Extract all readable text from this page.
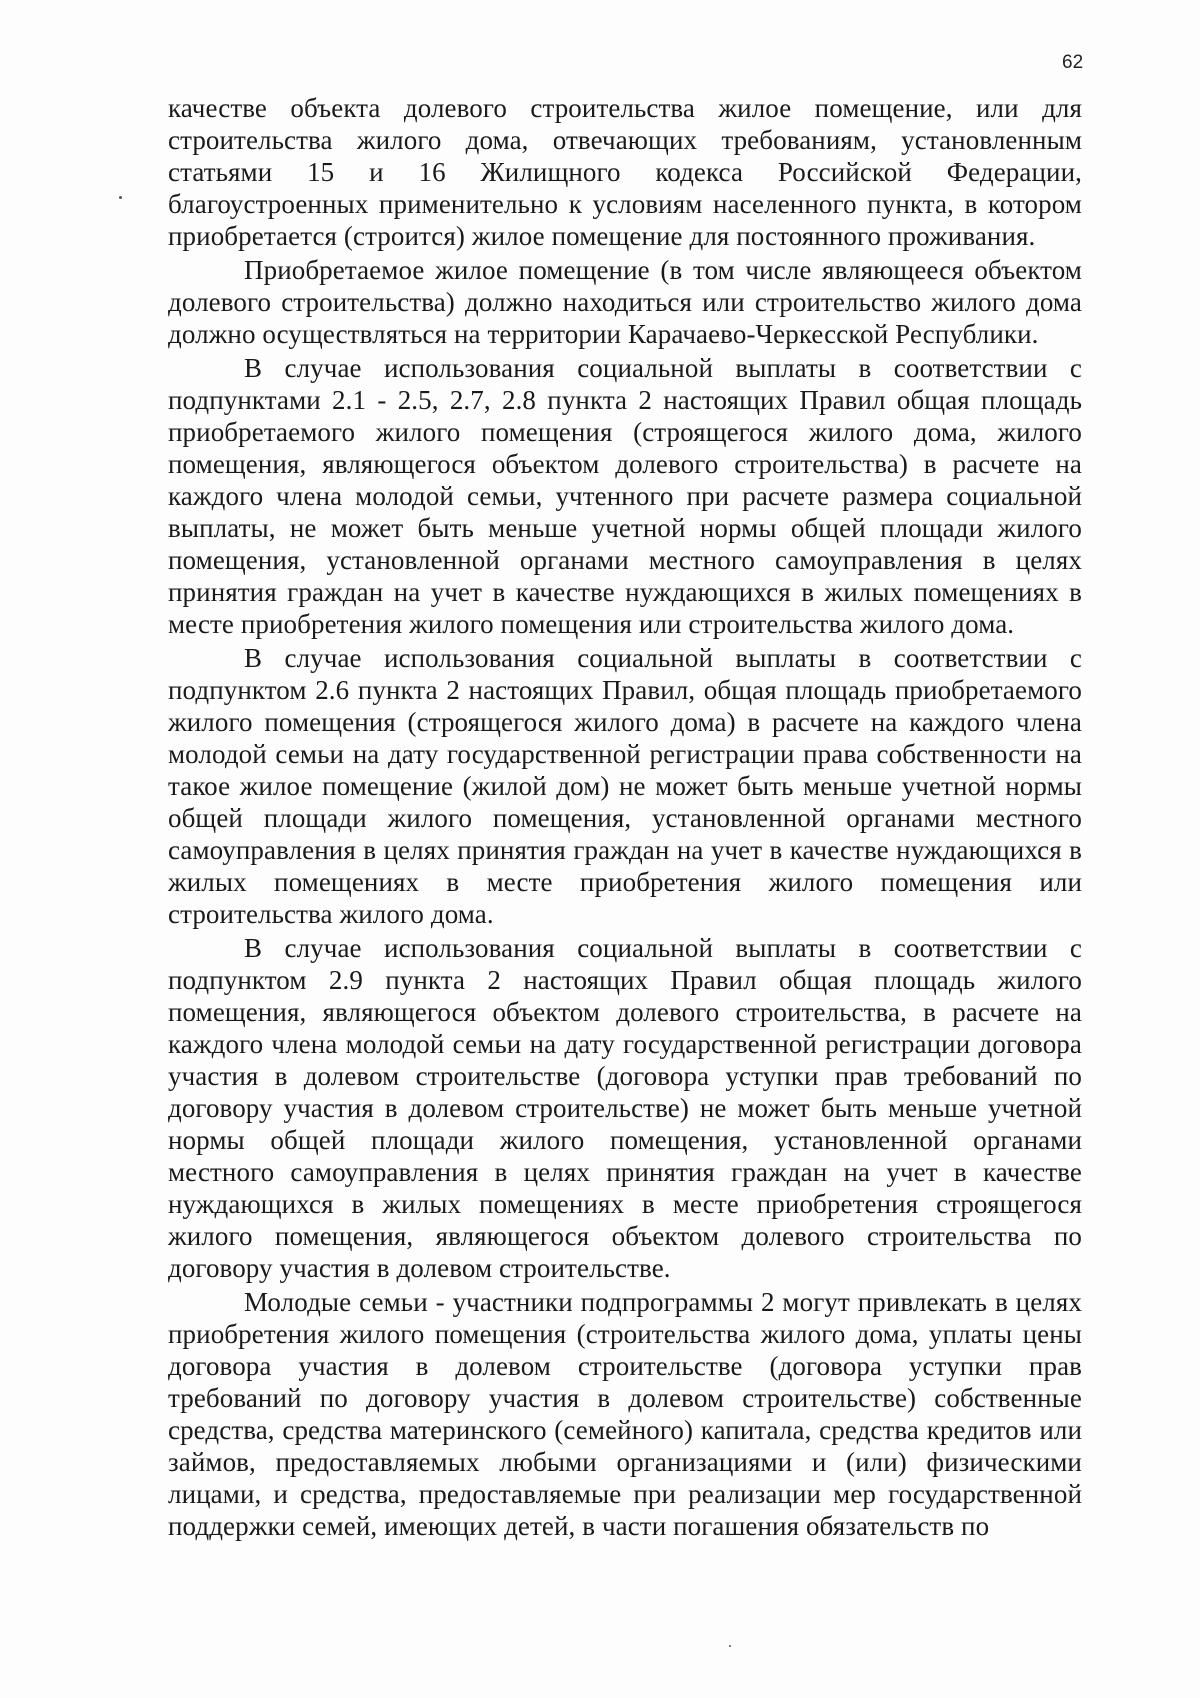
62

качестве объекта долевого строительства жилое помещение, или для строительства жилого дома, отвечающих требованиям, установленным статьями 15 и 16 Жилищного кодекса Российской Федерации, благоустроенных применительно к условиям населенного пункта, в котором приобретается (строится) жилое помещение для постоянного проживания.

Приобретаемое жилое помещение (в том числе являющееся объектом долевого строительства) должно находиться или строительство жилого дома должно осуществляться на территории Карачаево-Черкесской Республики.

В случае использования социальной выплаты в соответствии с подпунктами 2.1 - 2.5, 2.7, 2.8 пункта 2 настоящих Правил общая площадь приобретаемого жилого помещения (строящегося жилого дома, жилого помещения, являющегося объектом долевого строительства) в расчете на каждого члена молодой семьи, учтенного при расчете размера социальной выплаты, не может быть меньше учетной нормы общей площади жилого помещения, установленной органами местного самоуправления в целях принятия граждан на учет в качестве нуждающихся в жилых помещениях в месте приобретения жилого помещения или строительства жилого дома.

В случае использования социальной выплаты в соответствии с подпунктом 2.6 пункта 2 настоящих Правил, общая площадь приобретаемого жилого помещения (строящегося жилого дома) в расчете на каждого члена молодой семьи на дату государственной регистрации права собственности на такое жилое помещение (жилой дом) не может быть меньше учетной нормы общей площади жилого помещения, установленной органами местного самоуправления в целях принятия граждан на учет в качестве нуждающихся в жилых помещениях в месте приобретения жилого помещения или строительства жилого дома.

В случае использования социальной выплаты в соответствии с подпунктом 2.9 пункта 2 настоящих Правил общая площадь жилого помещения, являющегося объектом долевого строительства, в расчете на каждого члена молодой семьи на дату государственной регистрации договора участия в долевом строительстве (договора уступки прав требований по договору участия в долевом строительстве) не может быть меньше учетной нормы общей площади жилого помещения, установленной органами местного самоуправления в целях принятия граждан на учет в качестве нуждающихся в жилых помещениях в месте приобретения строящегося жилого помещения, являющегося объектом долевого строительства по договору участия в долевом строительстве.

Молодые семьи - участники подпрограммы 2 могут привлекать в целях приобретения жилого помещения (строительства жилого дома, уплаты цены договора участия в долевом строительстве (договора уступки прав требований по договору участия в долевом строительстве) собственные средства, средства материнского (семейного) капитала, средства кредитов или займов, предоставляемых любыми организациями и (или) физическими лицами, и средства, предоставляемые при реализации мер государственной поддержки семей, имеющих детей, в части погашения обязательств по
